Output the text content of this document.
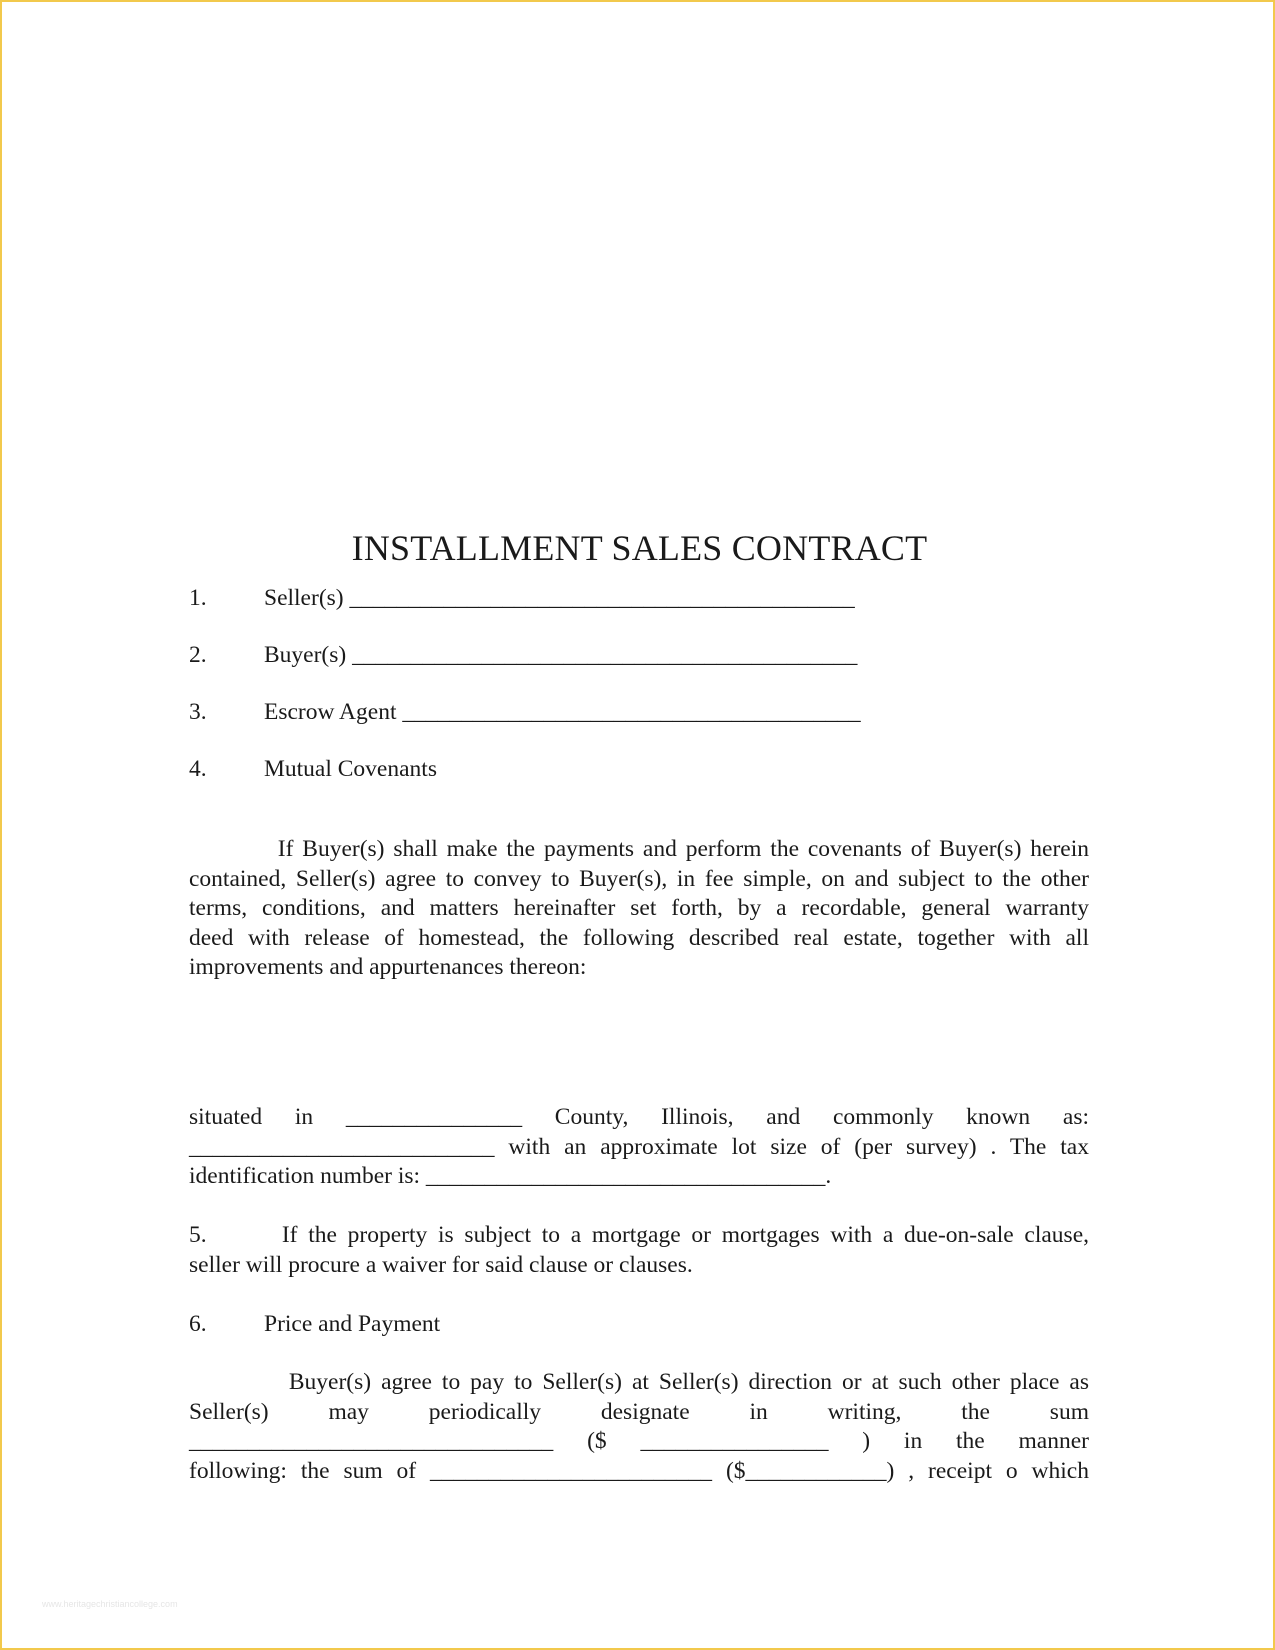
INSTALLMENT SALES CONTRACT
1. Seller(s) ___________________________________________
2. Buyer(s) ___________________________________________
3. Escrow Agent _______________________________________
4. Mutual Covenants
If Buyer(s) shall make the payments and perform the covenants of Buyer(s) herein
contained, Seller(s) agree to convey to Buyer(s), in fee simple, on and subject to the other
terms, conditions, and matters hereinafter set forth, by a recordable, general warranty
deed with release of homestead, the following described real estate, together with all
improvements and appurtenances thereon:
situated in _______________ County, Illinois, and commonly known as:
__________________________ with an approximate lot size of (per survey) . The tax
identification number is: __________________________________.
5.       If the property is subject to a mortgage or mortgages with a due-on-sale clause,
seller will procure a waiver for said clause or clauses.
6. Price and Payment
Buyer(s) agree to pay to Seller(s) at Seller(s) direction or at such other place as
Seller(s) may periodically designate in writing, the sum
_______________________________ ($ ________________ ) in the manner
following: the sum of ________________________ ($____________) , receipt o which
www.heritagechristiancollege.com
